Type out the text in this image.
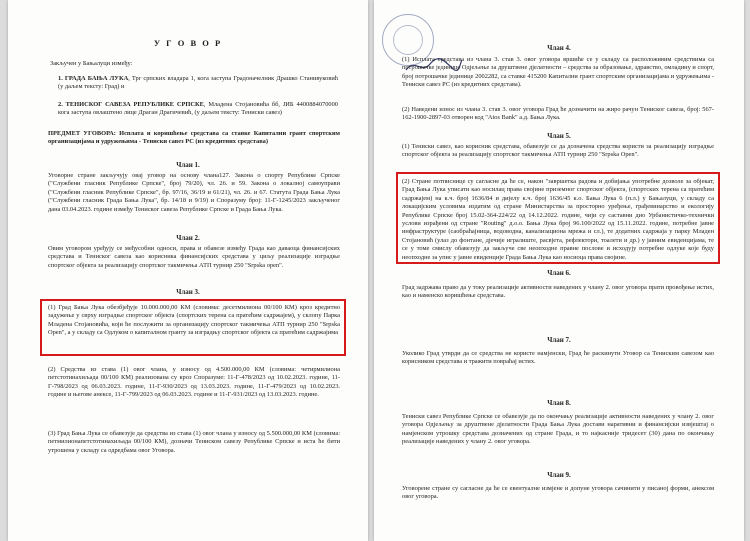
У Г О В О Р

Закључен у Бањалуци између:

1. ГРАДА БАЊА ЛУКА, Трг српских владара 1, кога заступа Градоначелник Драшко Станивуковић (у даљем тексту: Град) и

2. ТЕНИСКОГ САВЕЗА РЕПУБЛИКЕ СРПСКЕ, Младена Стојановића бб, ЈИБ 4400884070000 кога заступа овлаштено лице Драган Драгичевић, (у даљем тексту: Тениски савез)

ПРЕДМЕТ УГОВОРА: Исплата и коришћење средстава са ставке Капитални грант спортским организацијама и удружењима - Тениски савез РС (из кредитних средстава)

Члан 1.

Уговорне стране закључују овај уговор на основу члана127. Закона о спорту Републике Српске ("Службени гласник Републике Српске", број 79/20), чл. 26. и 59. Закона о локалној самоуправи ("Службени гласник Републике Српске", бр. 97/16, 36/19 и 61/21), чл. 26. и 67. Статута Града Бања Лука ("Службени гласник Града Бања Лука", бр. 14/18 и 9/19) и Споразуму број: 11-Г-1245/2023 закљученог дана 03.04.2023. године између Тениског савеза Републике Српске и Града Бања Лука.

Члан 2.

Овим уговором уређују се међусобни односи, права и обавезе између Града као даваоца финансијских средстава и Тениског савеза као корисника финансијских средстава у циљу реализације изградње спортског објекта за реализацију спортског такмичења АТП турнир 250 "Srpska open".

Члан 3.

(1) Град Бања Лука обезбјеђује 10.000.000,00 КМ (словима: десетмилиона 00/100 КМ) кроз кредитно задужење у сврху изградње спортског објекта (спортских терена са пратећим садржајем), у склопу Парка Младена Стојановића, који ће послужити за организацију спортског такмичења АТП турнир 250 "Srpska Open", а у складу са Одлуком о капиталном гранту за изградњу спортског објекта са пратећим садржајима

(2) Средства из става (1) овог члана, у износу од 4.500.000,00 КМ (словима: четирмилиона петстотинахиљада 00/100 КМ) реализована су кроз Споразуме: 11-Г-478/2023 од 10.02.2023. године, 11-Г-798/2023 од 06.03.2023. године, 11-Г-930/2023 од 13.03.2023. године, 11-Г-479/2023 од 10.02.2023. године и његове анексе, 11-Г-799/2023 од 06.03.2023. године и 11-Г-931/2023 од 13.03.2023. године.

(3) Град Бања Лука се обавезује да средства из става (1) овог члана у износу од 5.500.000,00 КМ (словима: петмилионапетстотинахиљада 00/100 КМ), дозначи Тениском савезу Републике Српске и иста ће бити утрошена у складу са одредбама овог Уговора.

Члан 4.

(1) Исплата средстава из члана 3. став 3. овог уговора вршиће се у складу са расположивим средствима са потрошачке јединице Одјељење за друштвене дјелатности – средства за образовање, здравство, омладину и спорт, број потрошачке јединице 2002282, са ставке 415200 Капитални грант спортским организацијама и удружењима - Тениски савез РС (из кредитних средстава).

(2) Наведени износ из члана 3. став 3. овог уговора Град ће дозначити на жиро рачун Тениског савеза, број: 567-162-1900-2897-03 отворен код "Atos Bank" а.д. Бања Лука.

Члан 5.

(1) Тениски савез, као корисник средстава, обавезује се да дозначена средства користи за реализацију изградње спортског објекта за реализацију спортског такмичења АТП турнир 250 "Srpska Open".

(2) Стране потписнице су сагласне да ће се, након "завршетка радова и добијања употребне дозволе за објекат, Град Бања Лука уписати као носилац права својине приземног спортског објекта, (спортских терена са пратећим садржајем) на к.ч. број 1636/84 и дијелу к.ч. број 1636/45 к.о. Бања Лука 6 (п.л.) у Бањалуци, у складу са локацијским условима издатим од стране Министарства за просторно уређење, грађевинарство и екологију Републике Српске број 15.02-364-224/22 од 14.12.2022. године, чији су саставни дио Урбанистичко-технички услови израђени од стране "Routing" д.о.о. Бања Лука број 96.100/2022 од 15.11.2022. године, потребне јавне инфраструктуре (саобраћајница, водоводна, канализациона мрежа и сл.), те додатних садржаја у парку Младен Стојановић (улаз до фонтане, дјечије игралиште, расвјета, рефлектори, тоалети и др.) у јавним евиденцијама, те се у томе смислу обавезују да закључе све неопходне правне послове и исходују потребне одлуке које буду неопходне за упис у јавне евиденције Града Бања Лука као носиоца права својине.

Члан 6.

Град задржава право да у току реализације активности наведених у члану 2. овог уговора прати провођење истих, као и наменско коришћење средстава.

Члан 7.

Уколико Град утврди да се средства не користе намјенски, Град ће раскинути Уговор са Тениским савезом као корисником средстава и тражити повраћај истих.

Члан 8.

Тениски савез Републике Српске се обавезује да по окончању реализације активности наведених у члану 2. овог уговора Одјељењу за друштвене дјелатности Града Бања Лука достави наративни и финансијски извјештај о намјенском утрошку средстава дозначених од стране Града, и то најкасније тридесет (30) дана по окончању реализације наведених у члану 2. овог уговора.

Члан 9.

Уговорене стране су сагласне да ће се евентуалне измјене и допуне уговора сачинити у писаној форми, анексом овог уговора.
